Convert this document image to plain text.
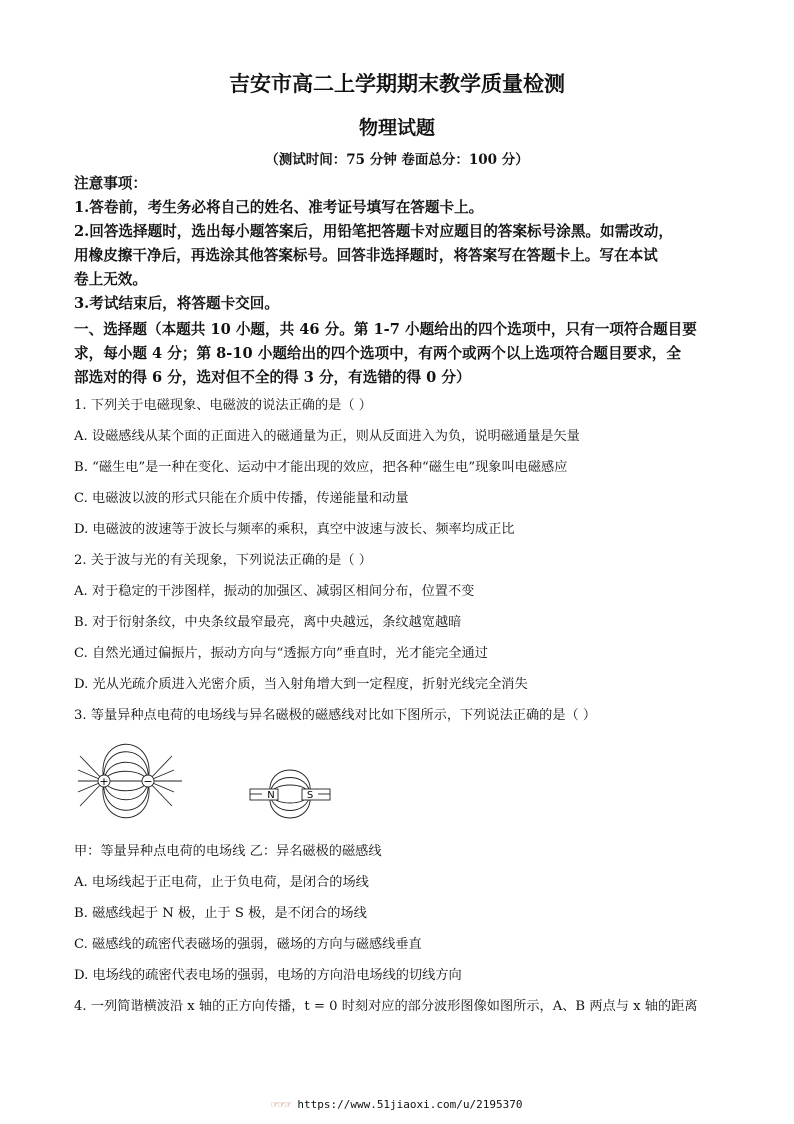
吉安市高二上学期期末教学质量检测
物理试题
（测试时间：75 分钟 卷面总分：100 分）
注意事项：
1.答卷前，考生务必将自己的姓名、准考证号填写在答题卡上。
2.回答选择题时，选出每小题答案后，用铅笔把答题卡对应题目的答案标号涂黑。如需改动，
用橡皮擦干净后，再选涂其他答案标号。回答非选择题时，将答案写在答题卡上。写在本试
卷上无效。
3.考试结束后，将答题卡交回。
一、选择题（本题共 10 小题，共 46 分。第 1-7 小题给出的四个选项中，只有一项符合题目要
求，每小题 4 分；第 8-10 小题给出的四个选项中，有两个或两个以上选项符合题目要求，全
部选对的得 6 分，选对但不全的得 3 分，有选错的得 0 分）
1. 下列关于电磁现象、电磁波的说法正确的是（ ）
A. 设磁感线从某个面的正面进入的磁通量为正，则从反面进入为负，说明磁通量是矢量
B. “磁生电”是一种在变化、运动中才能出现的效应，把各种“磁生电”现象叫电磁感应
C. 电磁波以波的形式只能在介质中传播，传递能量和动量
D. 电磁波的波速等于波长与频率的乘积，真空中波速与波长、频率均成正比
2. 关于波与光的有关现象，下列说法正确的是（ ）
A. 对于稳定的干涉图样，振动的加强区、减弱区相间分布，位置不变
B. 对于衍射条纹，中央条纹最窄最亮，离中央越远，条纹越宽越暗
C. 自然光通过偏振片，振动方向与“透振方向”垂直时，光才能完全通过
D. 光从光疏介质进入光密介质，当入射角增大到一定程度，折射光线完全消失
3. 等量异种点电荷的电场线与异名磁极的磁感线对比如下图所示，下列说法正确的是（ ）
+	−
N	S
甲：等量异种点电荷的电场线 乙：异名磁极的磁感线
A. 电场线起于正电荷，止于负电荷，是闭合的场线
B. 磁感线起于 N 极，止于 S 极，是不闭合的场线
C. 磁感线的疏密代表磁场的强弱，磁场的方向与磁感线垂直
D. 电场线的疏密代表电场的强弱，电场的方向沿电场线的切线方向
4. 一列简谐横波沿 x 轴的正方向传播，t = 0 时刻对应的部分波形图像如图所示，A、B 两点与 x 轴的距离
☞☞☞ https://www.51jiaoxi.com/u/2195370
